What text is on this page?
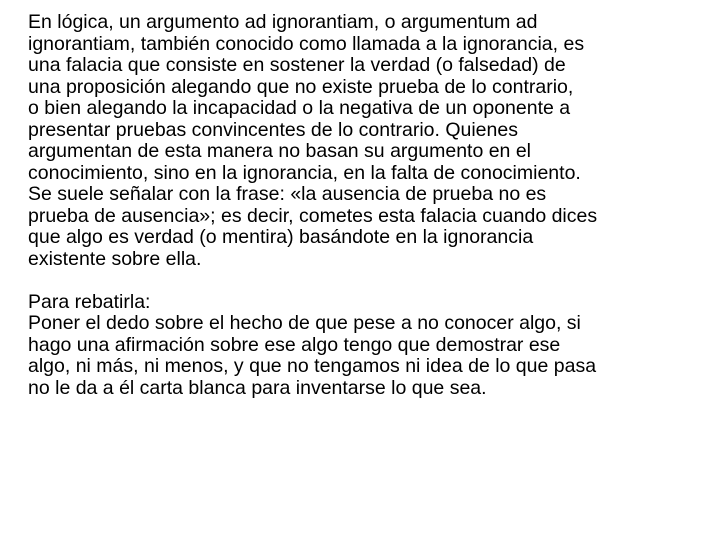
En lógica, un argumento ad ignorantiam, o argumentum ad
ignorantiam, también conocido como llamada a la ignorancia, es
una falacia que consiste en sostener la verdad (o falsedad) de
una proposición alegando que no existe prueba de lo contrario,
o bien alegando la incapacidad o la negativa de un oponente a
presentar pruebas convincentes de lo contrario. Quienes
argumentan de esta manera no basan su argumento en el
conocimiento, sino en la ignorancia, en la falta de conocimiento.
Se suele señalar con la frase: «la ausencia de prueba no es
prueba de ausencia»; es decir, cometes esta falacia cuando dices
que algo es verdad (o mentira) basándote en la ignorancia
existente sobre ella.
Para rebatirla:
Poner el dedo sobre el hecho de que pese a no conocer algo, si
hago una afirmación sobre ese algo tengo que demostrar ese
algo, ni más, ni menos, y que no tengamos ni idea de lo que pasa
no le da a él carta blanca para inventarse lo que sea.
